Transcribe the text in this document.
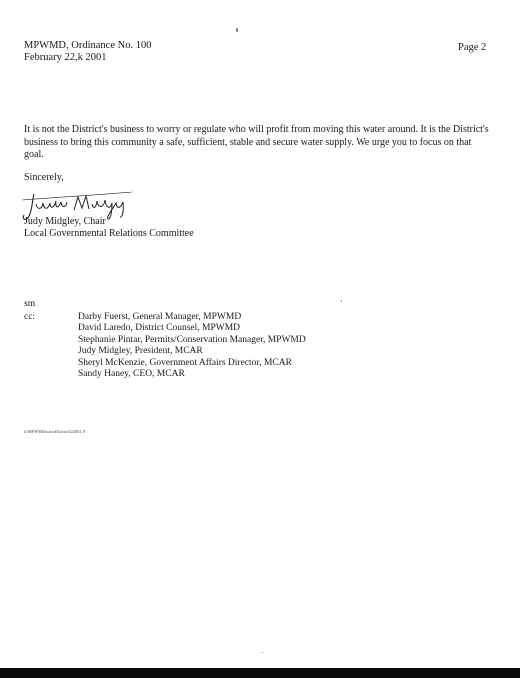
MPWMD, Ordinance No. 100
February 22,k 2001
Page 2
It is not the District's business to worry or regulate who will profit from moving this water around. It is the District's business to bring this community a safe, sufficient, stable and secure water supply. We urge you to focus on that goal.
Sincerely,
Judy Midgley, Chair
Local Governmental Relations Committee
sm
cc:	Darby Fuerst, General Manager, MPWMD
David Laredo, District Counsel, MPWMD
Stephanie Pintar, Permits/Conservation Manager, MPWMD
Judy Midgley, President, MCAR
Sheryl McKenzie, Government Affairs Director, MCAR
Sandy Haney, CEO, MCAR
tf\MPWMDwaterDistrict022001.9
